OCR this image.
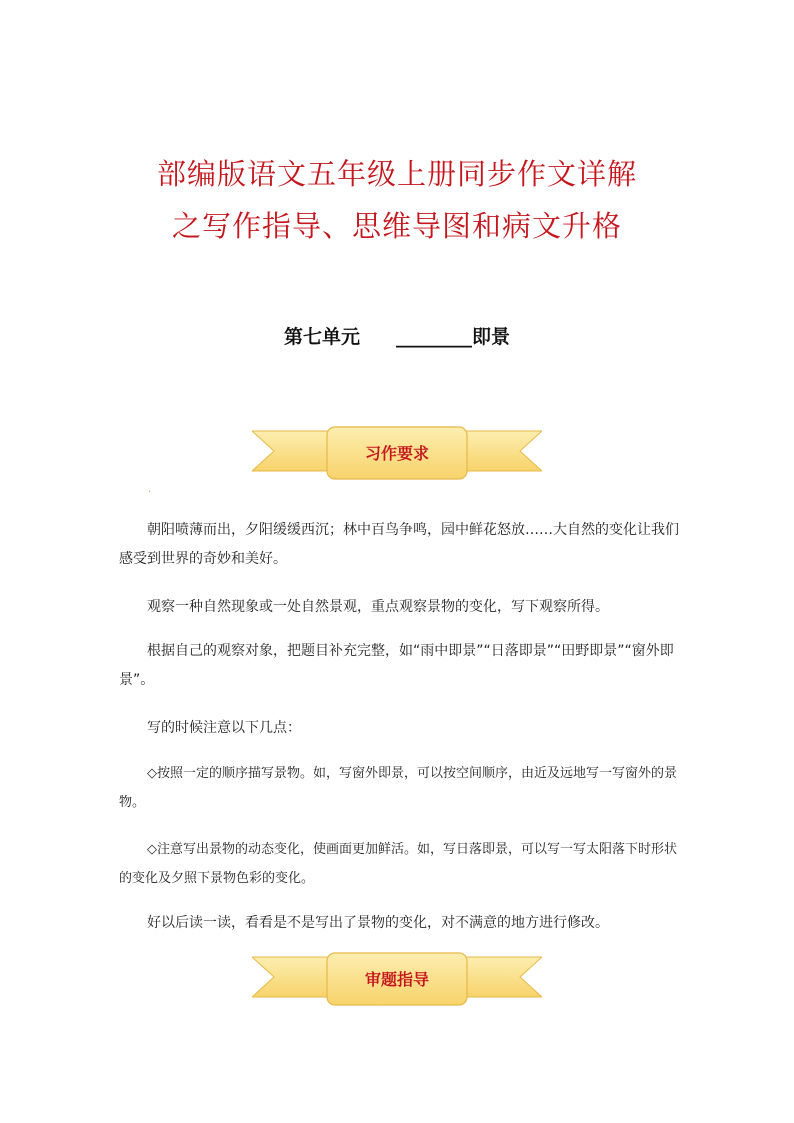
部编版语文五年级上册同步作文详解
之写作指导、思维导图和病文升格
第七单元 ________即景
习作要求
·
朝阳喷薄而出，夕阳缓缓西沉；林中百鸟争鸣，园中鲜花怒放……大自然的变化让我们感受到世界的奇妙和美好。
观察一种自然现象或一处自然景观，重点观察景物的变化，写下观察所得。
根据自己的观察对象，把题目补充完整，如“雨中即景”“日落即景”“田野即景”“窗外即景”。
写的时候注意以下几点：
◇按照一定的顺序描写景物。如，写窗外即景，可以按空间顺序，由近及远地写一写窗外的景物。
◇注意写出景物的动态变化，使画面更加鲜活。如，写日落即景，可以写一写太阳落下时形状的变化及夕照下景物色彩的变化。
好以后读一读，看看是不是写出了景物的变化，对不满意的地方进行修改。
审题指导
